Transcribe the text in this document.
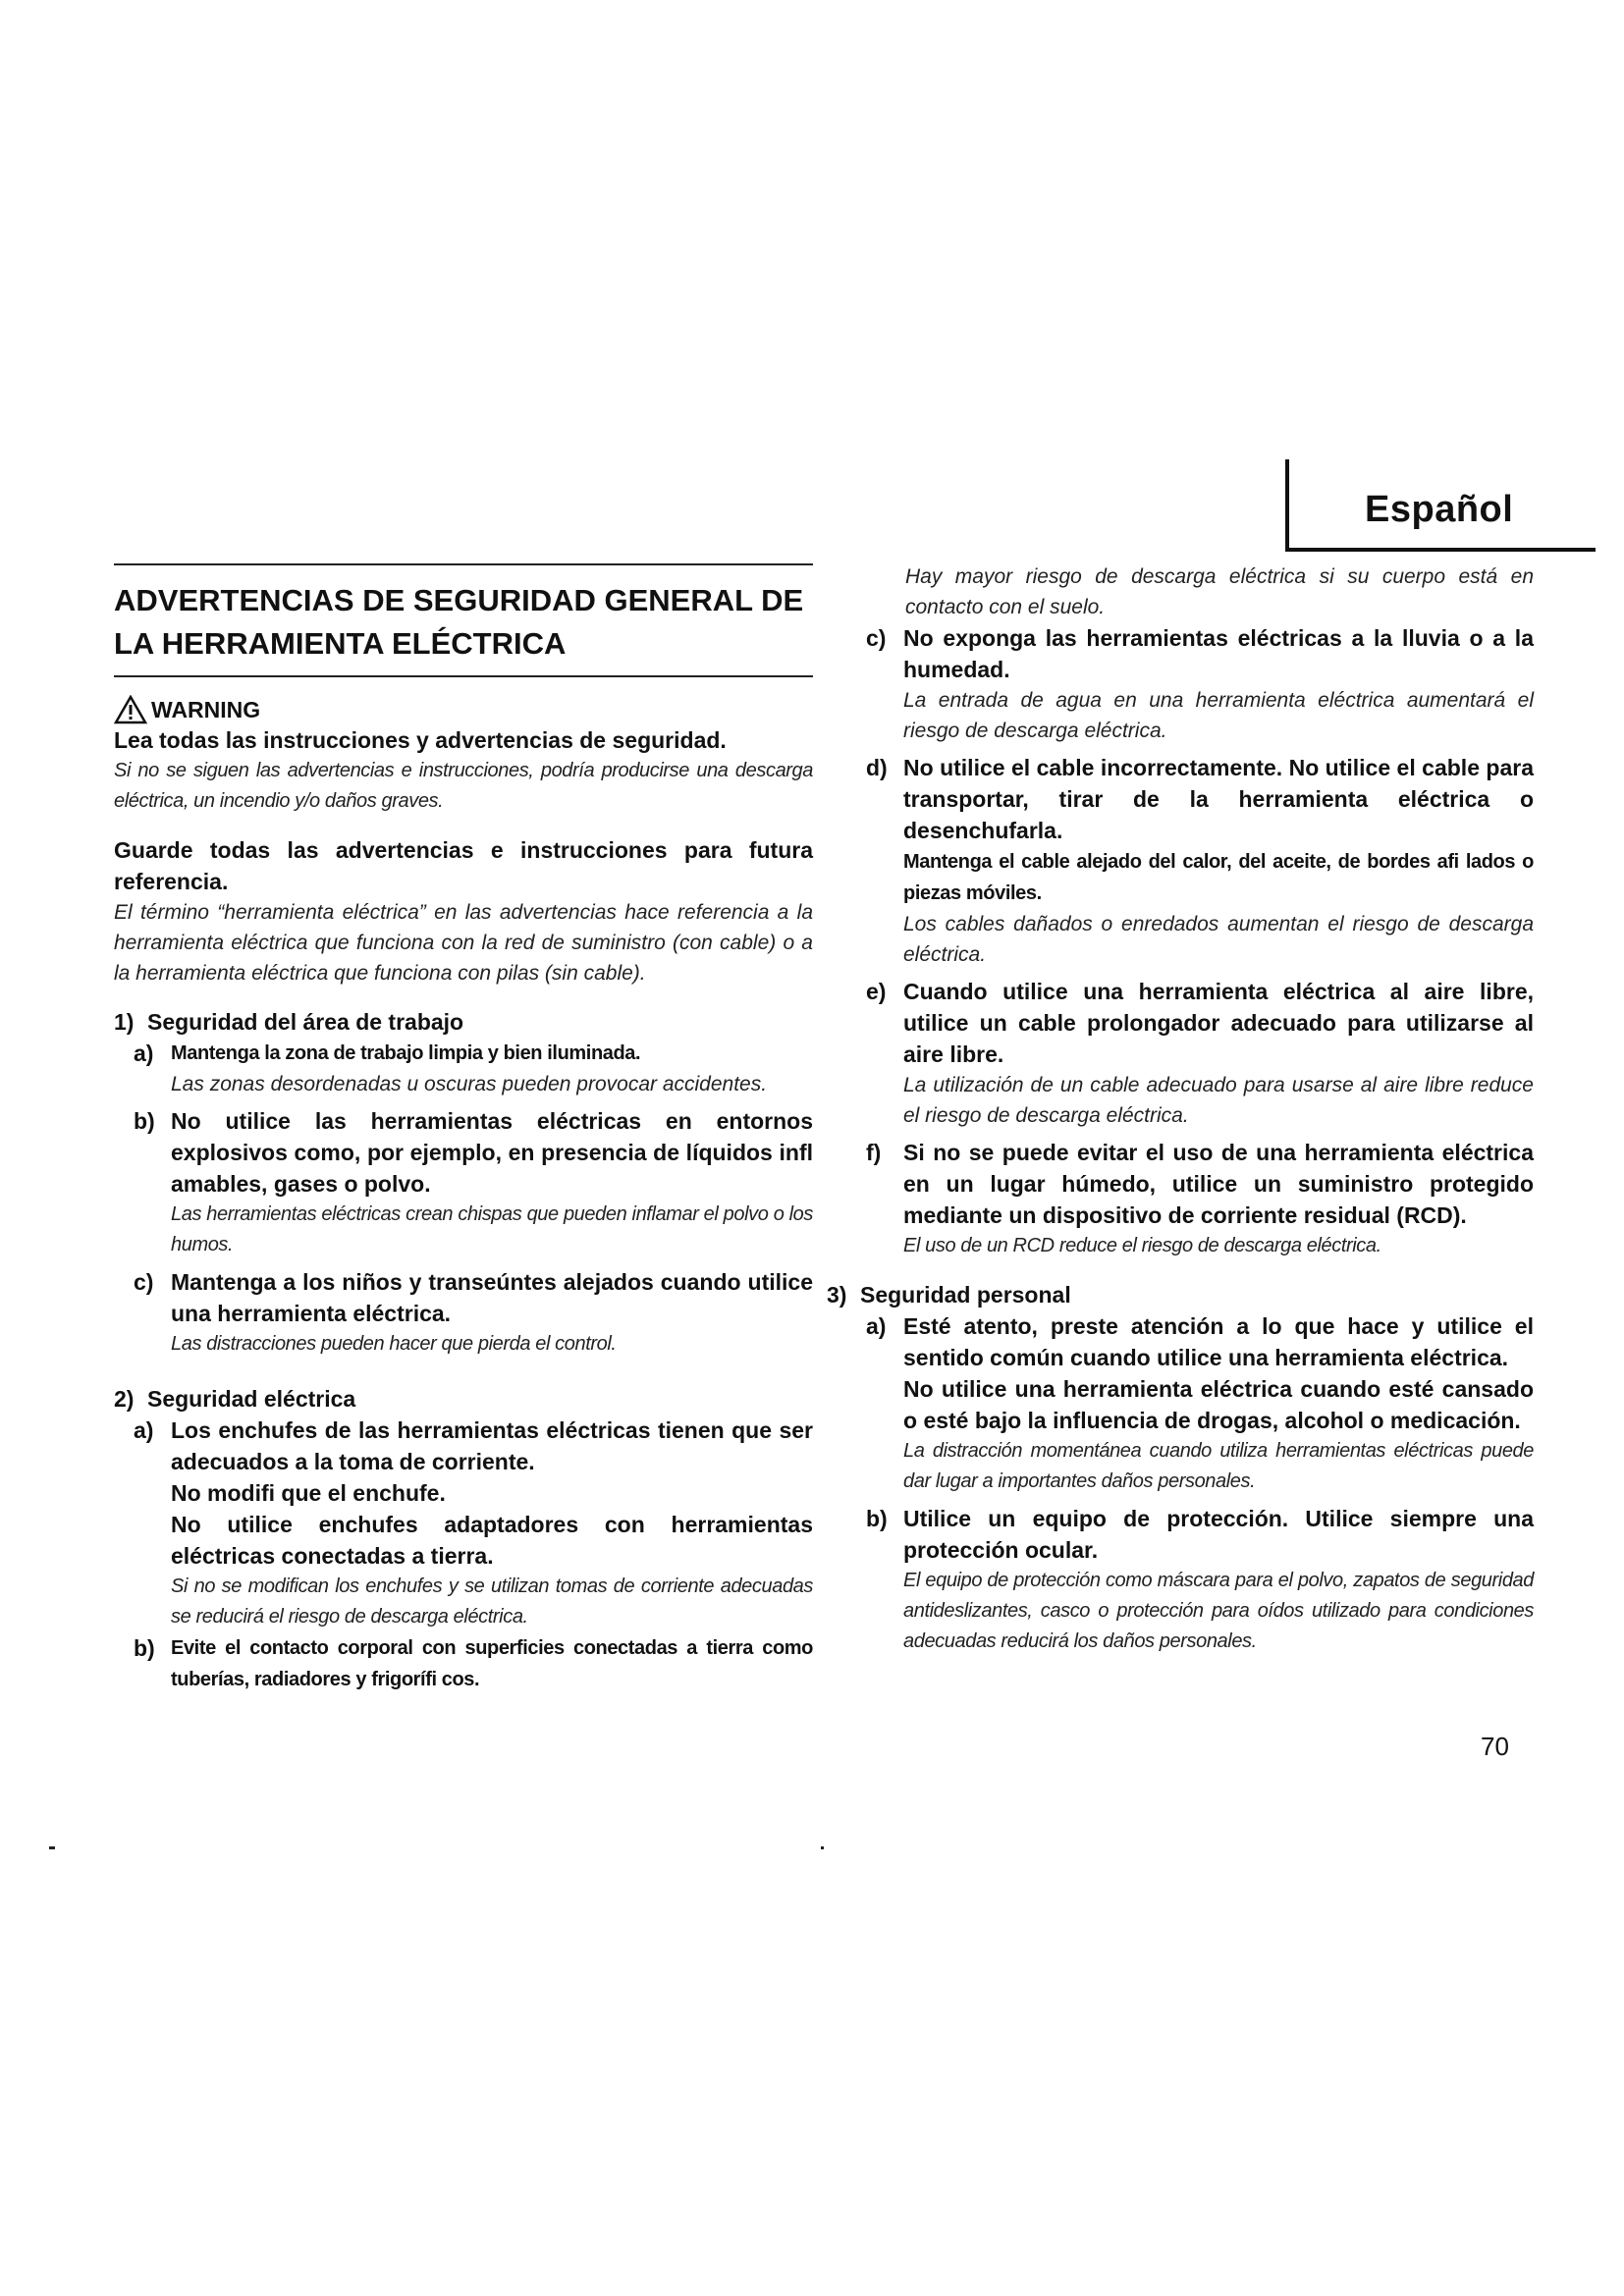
Español
ADVERTENCIAS DE SEGURIDAD GENERAL DE LA HERRAMIENTA ELÉCTRICA
WARNING
Lea todas las instrucciones y advertencias de seguridad.
Si no se siguen las advertencias e instrucciones, podría producirse una descarga eléctrica, un incendio y/o daños graves.
Guarde todas las advertencias e instrucciones para futura referencia.
El término “herramienta eléctrica” en las advertencias hace referencia a la herramienta eléctrica que funciona con la red de suministro (con cable) o a la herramienta eléctrica que funciona con pilas (sin cable).
1) Seguridad del área de trabajo
a) Mantenga la zona de trabajo limpia y bien iluminada.
Las zonas desordenadas u oscuras pueden provocar accidentes.
b) No utilice las herramientas eléctricas en entornos explosivos como, por ejemplo, en presencia de líquidos infl amables, gases o polvo.
Las herramientas eléctricas crean chispas que pueden inflamar el polvo o los humos.
c) Mantenga a los niños y transeúntes alejados cuando utilice una herramienta eléctrica.
Las distracciones pueden hacer que pierda el control.
2) Seguridad eléctrica
a) Los enchufes de las herramientas eléctricas tienen que ser adecuados a la toma de corriente.
No modifi que el enchufe.
No utilice enchufes adaptadores con herramientas eléctricas conectadas a tierra.
Si no se modifican los enchufes y se utilizan tomas de corriente adecuadas se reducirá el riesgo de descarga eléctrica.
b) Evite el contacto corporal con superficies conectadas a tierra como tuberías, radiadores y frigorífi cos.
Hay mayor riesgo de descarga eléctrica si su cuerpo está en contacto con el suelo.
c) No exponga las herramientas eléctricas a la lluvia o a la humedad.
La entrada de agua en una herramienta eléctrica aumentará el riesgo de descarga eléctrica.
d) No utilice el cable incorrectamente. No utilice el cable para transportar, tirar de la herramienta eléctrica o desenchufarla.
Mantenga el cable alejado del calor, del aceite, de bordes afi lados o piezas móviles.
Los cables dañados o enredados aumentan el riesgo de descarga eléctrica.
e) Cuando utilice una herramienta eléctrica al aire libre, utilice un cable prolongador adecuado para utilizarse al aire libre.
La utilización de un cable adecuado para usarse al aire libre reduce el riesgo de descarga eléctrica.
f) Si no se puede evitar el uso de una herramienta eléctrica en un lugar húmedo, utilice un suministro protegido mediante un dispositivo de corriente residual (RCD).
El uso de un RCD reduce el riesgo de descarga eléctrica.
3) Seguridad personal
a) Esté atento, preste atención a lo que hace y utilice el sentido común cuando utilice una herramienta eléctrica.
No utilice una herramienta eléctrica cuando esté cansado o esté bajo la influencia de drogas, alcohol o medicación.
La distracción momentánea cuando utiliza herramientas eléctricas puede dar lugar a importantes daños personales.
b) Utilice un equipo de protección. Utilice siempre una protección ocular.
El equipo de protección como máscara para el polvo, zapatos de seguridad antideslizantes, casco o protección para oídos utilizado para condiciones adecuadas reducirá los daños personales.
70
